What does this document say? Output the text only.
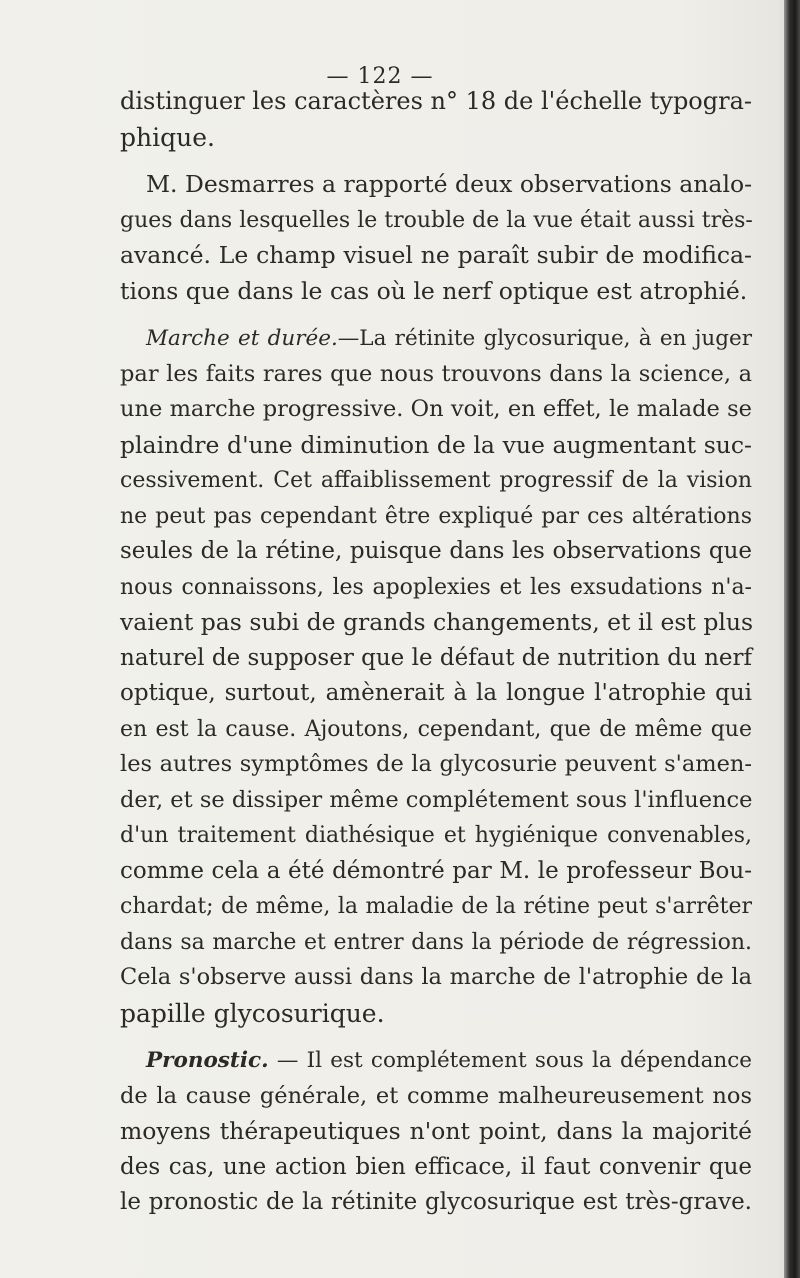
— 122 —
distinguer les caractères n° 18 de l'échelle typogra-
phique.
M. Desmarres a rapporté deux observations analo-
gues dans lesquelles le trouble de la vue était aussi très-
avancé. Le champ visuel ne paraît subir de modifica-
tions que dans le cas où le nerf optique est atrophié.
Marche et durée.—La rétinite glycosurique, à en juger
par les faits rares que nous trouvons dans la science, a
une marche progressive. On voit, en effet, le malade se
plaindre d'une diminution de la vue augmentant suc-
cessivement. Cet affaiblissement progressif de la vision
ne peut pas cependant être expliqué par ces altérations
seules de la rétine, puisque dans les observations que
nous connaissons, les apoplexies et les exsudations n'a-
vaient pas subi de grands changements, et il est plus
naturel de supposer que le défaut de nutrition du nerf
optique, surtout, amènerait à la longue l'atrophie qui
en est la cause. Ajoutons, cependant, que de même que
les autres symptômes de la glycosurie peuvent s'amen-
der, et se dissiper même complétement sous l'influence
d'un traitement diathésique et hygiénique convenables,
comme cela a été démontré par M. le professeur Bou-
chardat; de même, la maladie de la rétine peut s'arrêter
dans sa marche et entrer dans la période de régression.
Cela s'observe aussi dans la marche de l'atrophie de la
papille glycosurique.
Pronostic. — Il est complétement sous la dépendance
de la cause générale, et comme malheureusement nos
moyens thérapeutiques n'ont point, dans la majorité
des cas, une action bien efficace, il faut convenir que
le pronostic de la rétinite glycosurique est très-grave.
